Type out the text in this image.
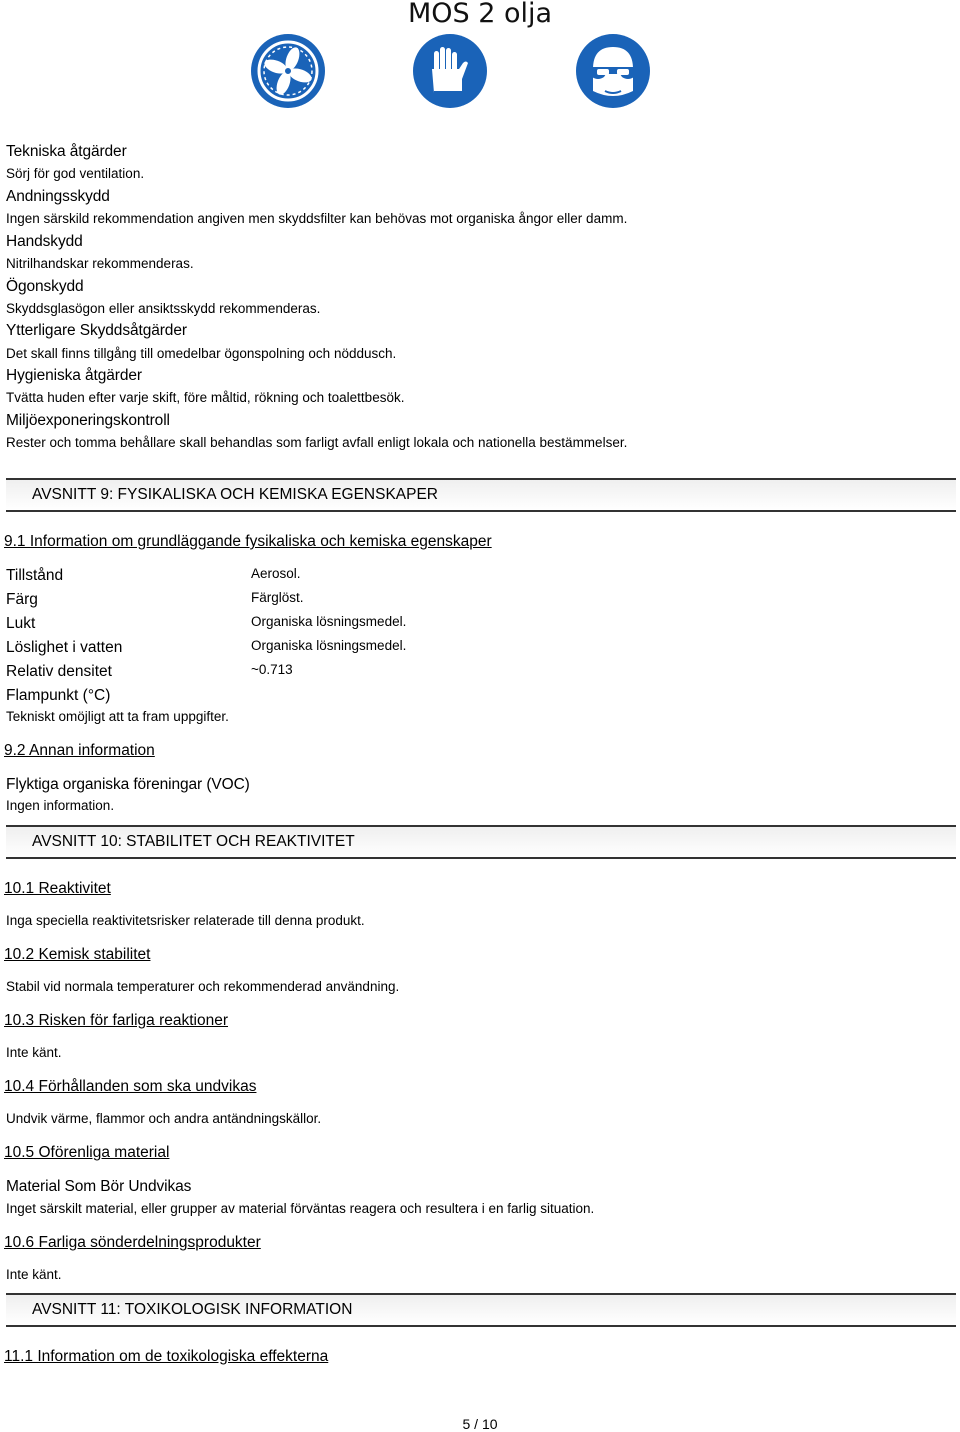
MOS 2 olja
Tekniska åtgärder
Sörj för god ventilation.
Andningsskydd
Ingen särskild rekommendation angiven men skyddsfilter kan behövas mot organiska ångor eller damm.
Handskydd
Nitrilhandskar rekommenderas.
Ögonskydd
Skyddsglasögon eller ansiktsskydd rekommenderas.
Ytterligare Skyddsåtgärder
Det skall finns tillgång till omedelbar ögonspolning och nöddusch.
Hygieniska åtgärder
Tvätta huden efter varje skift, före måltid, rökning och toalettbesök.
Miljöexponeringskontroll
Rester och tomma behållare skall behandlas som farligt avfall enligt lokala och nationella bestämmelser.
AVSNITT 9: FYSIKALISKA OCH KEMISKA EGENSKAPER
9.1 Information om grundläggande fysikaliska och kemiska egenskaper
Tillstånd	Aerosol.
Färg	Färglöst.
Lukt	Organiska lösningsmedel.
Löslighet i vatten	Organiska lösningsmedel.
Relativ densitet	~0.713
Flampunkt (°C)
Tekniskt omöjligt att ta fram uppgifter.
9.2 Annan information
Flyktiga organiska föreningar (VOC)
Ingen information.
AVSNITT 10: STABILITET OCH REAKTIVITET
10.1 Reaktivitet
Inga speciella reaktivitetsrisker relaterade till denna produkt.
10.2 Kemisk stabilitet
Stabil vid normala temperaturer och rekommenderad användning.
10.3 Risken för farliga reaktioner
Inte känt.
10.4 Förhållanden som ska undvikas
Undvik värme, flammor och andra antändningskällor.
10.5 Oförenliga material
Material Som Bör Undvikas
Inget särskilt material, eller grupper av material förväntas reagera och resultera i en farlig situation.
10.6 Farliga sönderdelningsprodukter
Inte känt.
AVSNITT 11: TOXIKOLOGISK INFORMATION
11.1 Information om de toxikologiska effekterna
5 / 10
